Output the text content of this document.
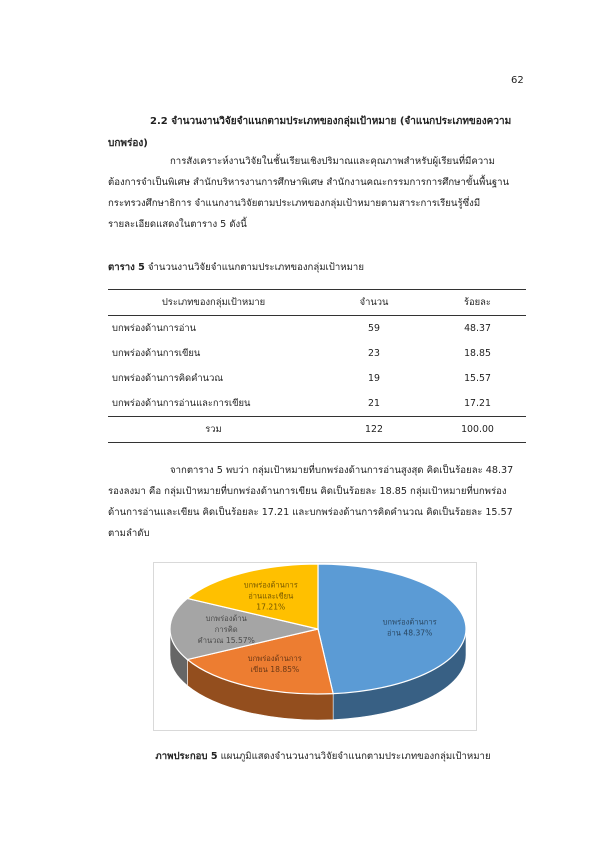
62
2.2 จำนวนงานวิจัยจำแนกตามประเภทของกลุ่มเป้าหมาย (จำแนกประเภทของความ
บกพร่อง)
การสังเคราะห์งานวิจัยในชั้นเรียนเชิงปริมาณและคุณภาพสำหรับผู้เรียนที่มีความ
ต้องการจำเป็นพิเศษ สำนักบริหารงานการศึกษาพิเศษ สำนักงานคณะกรรมการการศึกษาขั้นพื้นฐาน
กระทรวงศึกษาธิการ จำแนกงานวิจัยตามประเภทของกลุ่มเป้าหมายตามสาระการเรียนรู้ซึ่งมี
รายละเอียดแสดงในตาราง 5 ดังนี้
ตาราง 5 จำนวนงานวิจัยจำแนกตามประเภทของกลุ่มเป้าหมาย
ประเภทของกลุ่มเป้าหมาย	จำนวน	ร้อยละ
บกพร่องด้านการอ่าน	59	48.37
บกพร่องด้านการเขียน	23	18.85
บกพร่องด้านการคิดคำนวณ	19	15.57
บกพร่องด้านการอ่านและการเขียน	21	17.21
รวม	122	100.00
จากตาราง 5 พบว่า กลุ่มเป้าหมายที่บกพร่องด้านการอ่านสูงสุด คิดเป็นร้อยละ 48.37
รองลงมา คือ กลุ่มเป้าหมายที่บกพร่องด้านการเขียน คิดเป็นร้อยละ 18.85 กลุ่มเป้าหมายที่บกพร่อง
ด้านการอ่านและเขียน คิดเป็นร้อยละ 17.21 และบกพร่องด้านการคิดคำนวณ คิดเป็นร้อยละ 15.57
ตามลำดับ
บกพร่องด้านการอ่าน 48.37%
บกพร่องด้านการเขียน 18.85%
บกพร่องด้านการคิดคำนวณ 15.57%
บกพร่องด้านการอ่านและเขียน 17.21%
ภาพประกอบ 5 แผนภูมิแสดงจำนวนงานวิจัยจำแนกตามประเภทของกลุ่มเป้าหมาย
